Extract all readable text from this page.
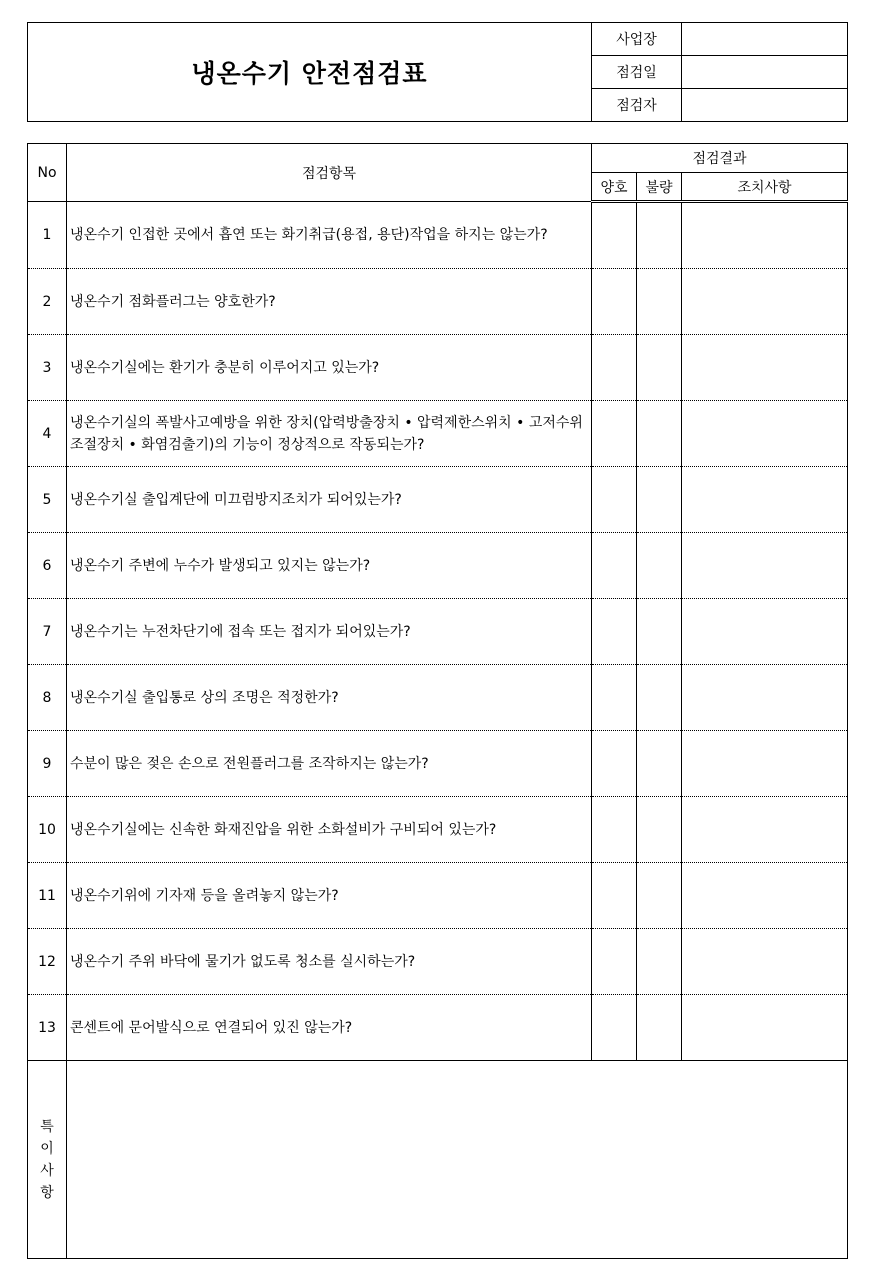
냉온수기 안전점검표	사업장	
	점검일	
	점검자	
No	점검항목	점검결과		
		양호	불량	조치사항
1	냉온수기 인접한 곳에서 흡연 또는 화기취급(용접, 용단)작업을 하지는 않는가?			
2	냉온수기 점화플러그는 양호한가?			
3	냉온수기실에는 환기가 충분히 이루어지고 있는가?			
4	냉온수기실의 폭발사고예방을 위한 장치(압력방출장치 • 압력제한스위치 • 고저수위조절장치 • 화염검출기)의 기능이 정상적으로 작동되는가?			
5	냉온수기실 출입계단에 미끄럼방지조치가 되어있는가?			
6	냉온수기 주변에 누수가 발생되고 있지는 않는가?			
7	냉온수기는 누전차단기에 접속 또는 접지가 되어있는가?			
8	냉온수기실 출입통로 상의 조명은 적정한가?			
9	수분이 많은 젖은 손으로 전원플러그를 조작하지는 않는가?			
10	냉온수기실에는 신속한 화재진압을 위한 소화설비가 구비되어 있는가?			
11	냉온수기위에 기자재 등을 올려놓지 않는가?			
12	냉온수기 주위 바닥에 물기가 없도록 청소를 실시하는가?			
13	콘센트에 문어발식으로 연결되어 있진 않는가?			

특
이
사
항				
